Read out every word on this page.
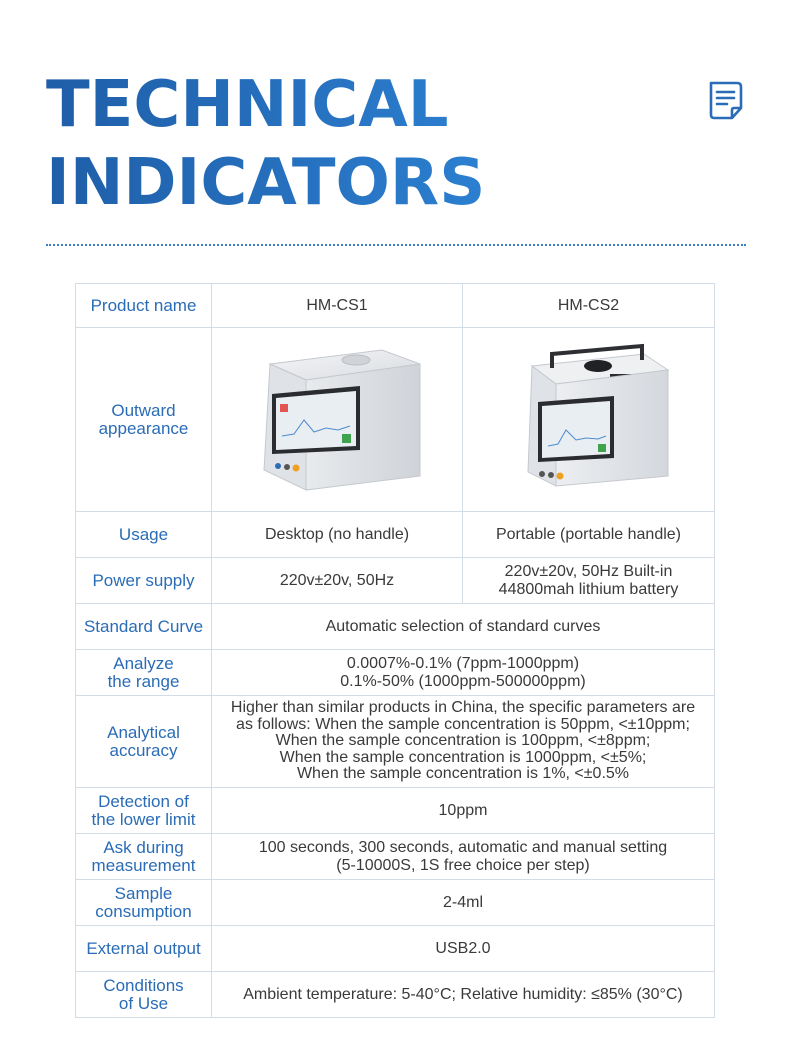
TECHNICAL
INDICATORS
Product name	HM-CS1	HM-CS2

Outward
appearance

Usage	Desktop (no handle)	Portable (portable handle)
Power supply	220v±20v, 50Hz	220v±20v, 50Hz Built-in
44800mah lithium battery

Standard Curve	Automatic selection of standard curves	

Analyze
the range	0.0007%-0.1% (7ppm-1000ppm)
0.1%-50% (1000ppm-500000ppm)	

Analytical
accuracy	Higher than similar products in China, the specific parameters are
as follows: When the sample concentration is 50ppm, <±10ppm;
When the sample concentration is 100ppm, <±8ppm;
When the sample concentration is 1000ppm, <±5%;
When the sample concentration is 1%, <±0.5%	

Detection of
the lower limit	10ppm	

Ask during
measurement	100 seconds, 300 seconds, automatic and manual setting
(5-10000S, 1S free choice per step)	

Sample
consumption	2-4ml	
External output	USB2.0	

Conditions
of Use	Ambient temperature: 5-40°C; Relative humidity: ≤85% (30°C)	
